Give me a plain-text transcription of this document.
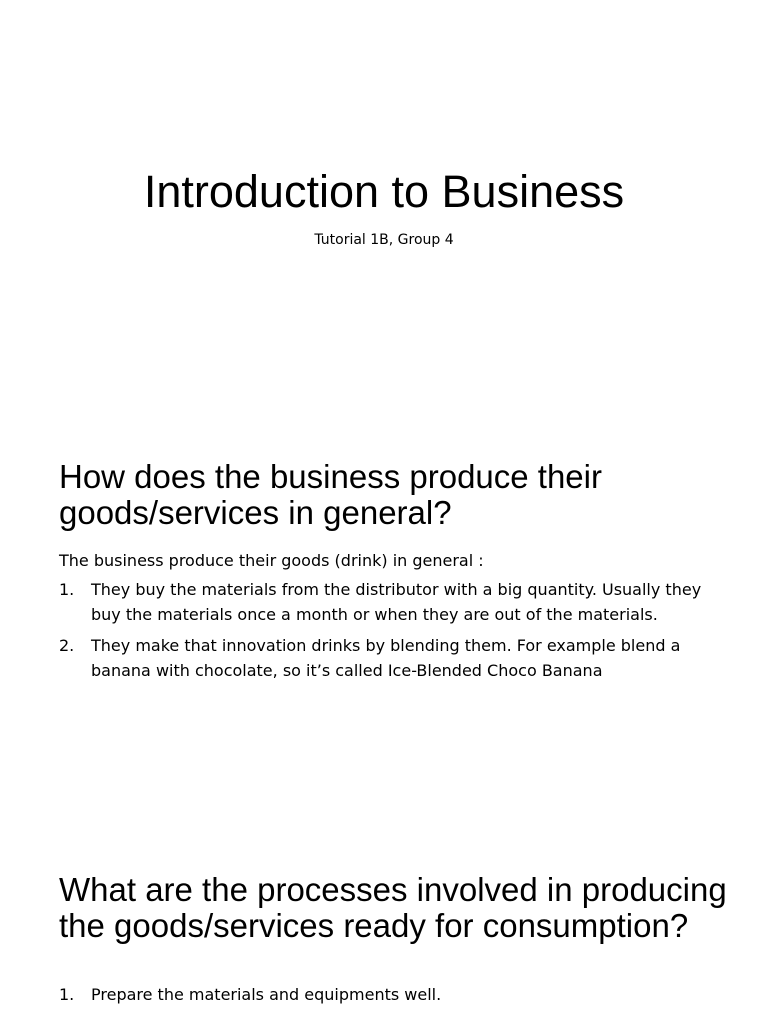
Introduction to Business

Tutorial 1B, Group 4

How does the business produce their goods/services in general?

The business produce their goods (drink) in general :

1. They buy the materials from the distributor with a big quantity. Usually they buy the materials once a month or when they are out of the materials.
2. They make that innovation drinks by blending them. For example blend a banana with chocolate, so it’s called Ice-Blended Choco Banana
What are the processes involved in producing the goods/services ready for consumption?
1. Prepare the materials and equipments well.
